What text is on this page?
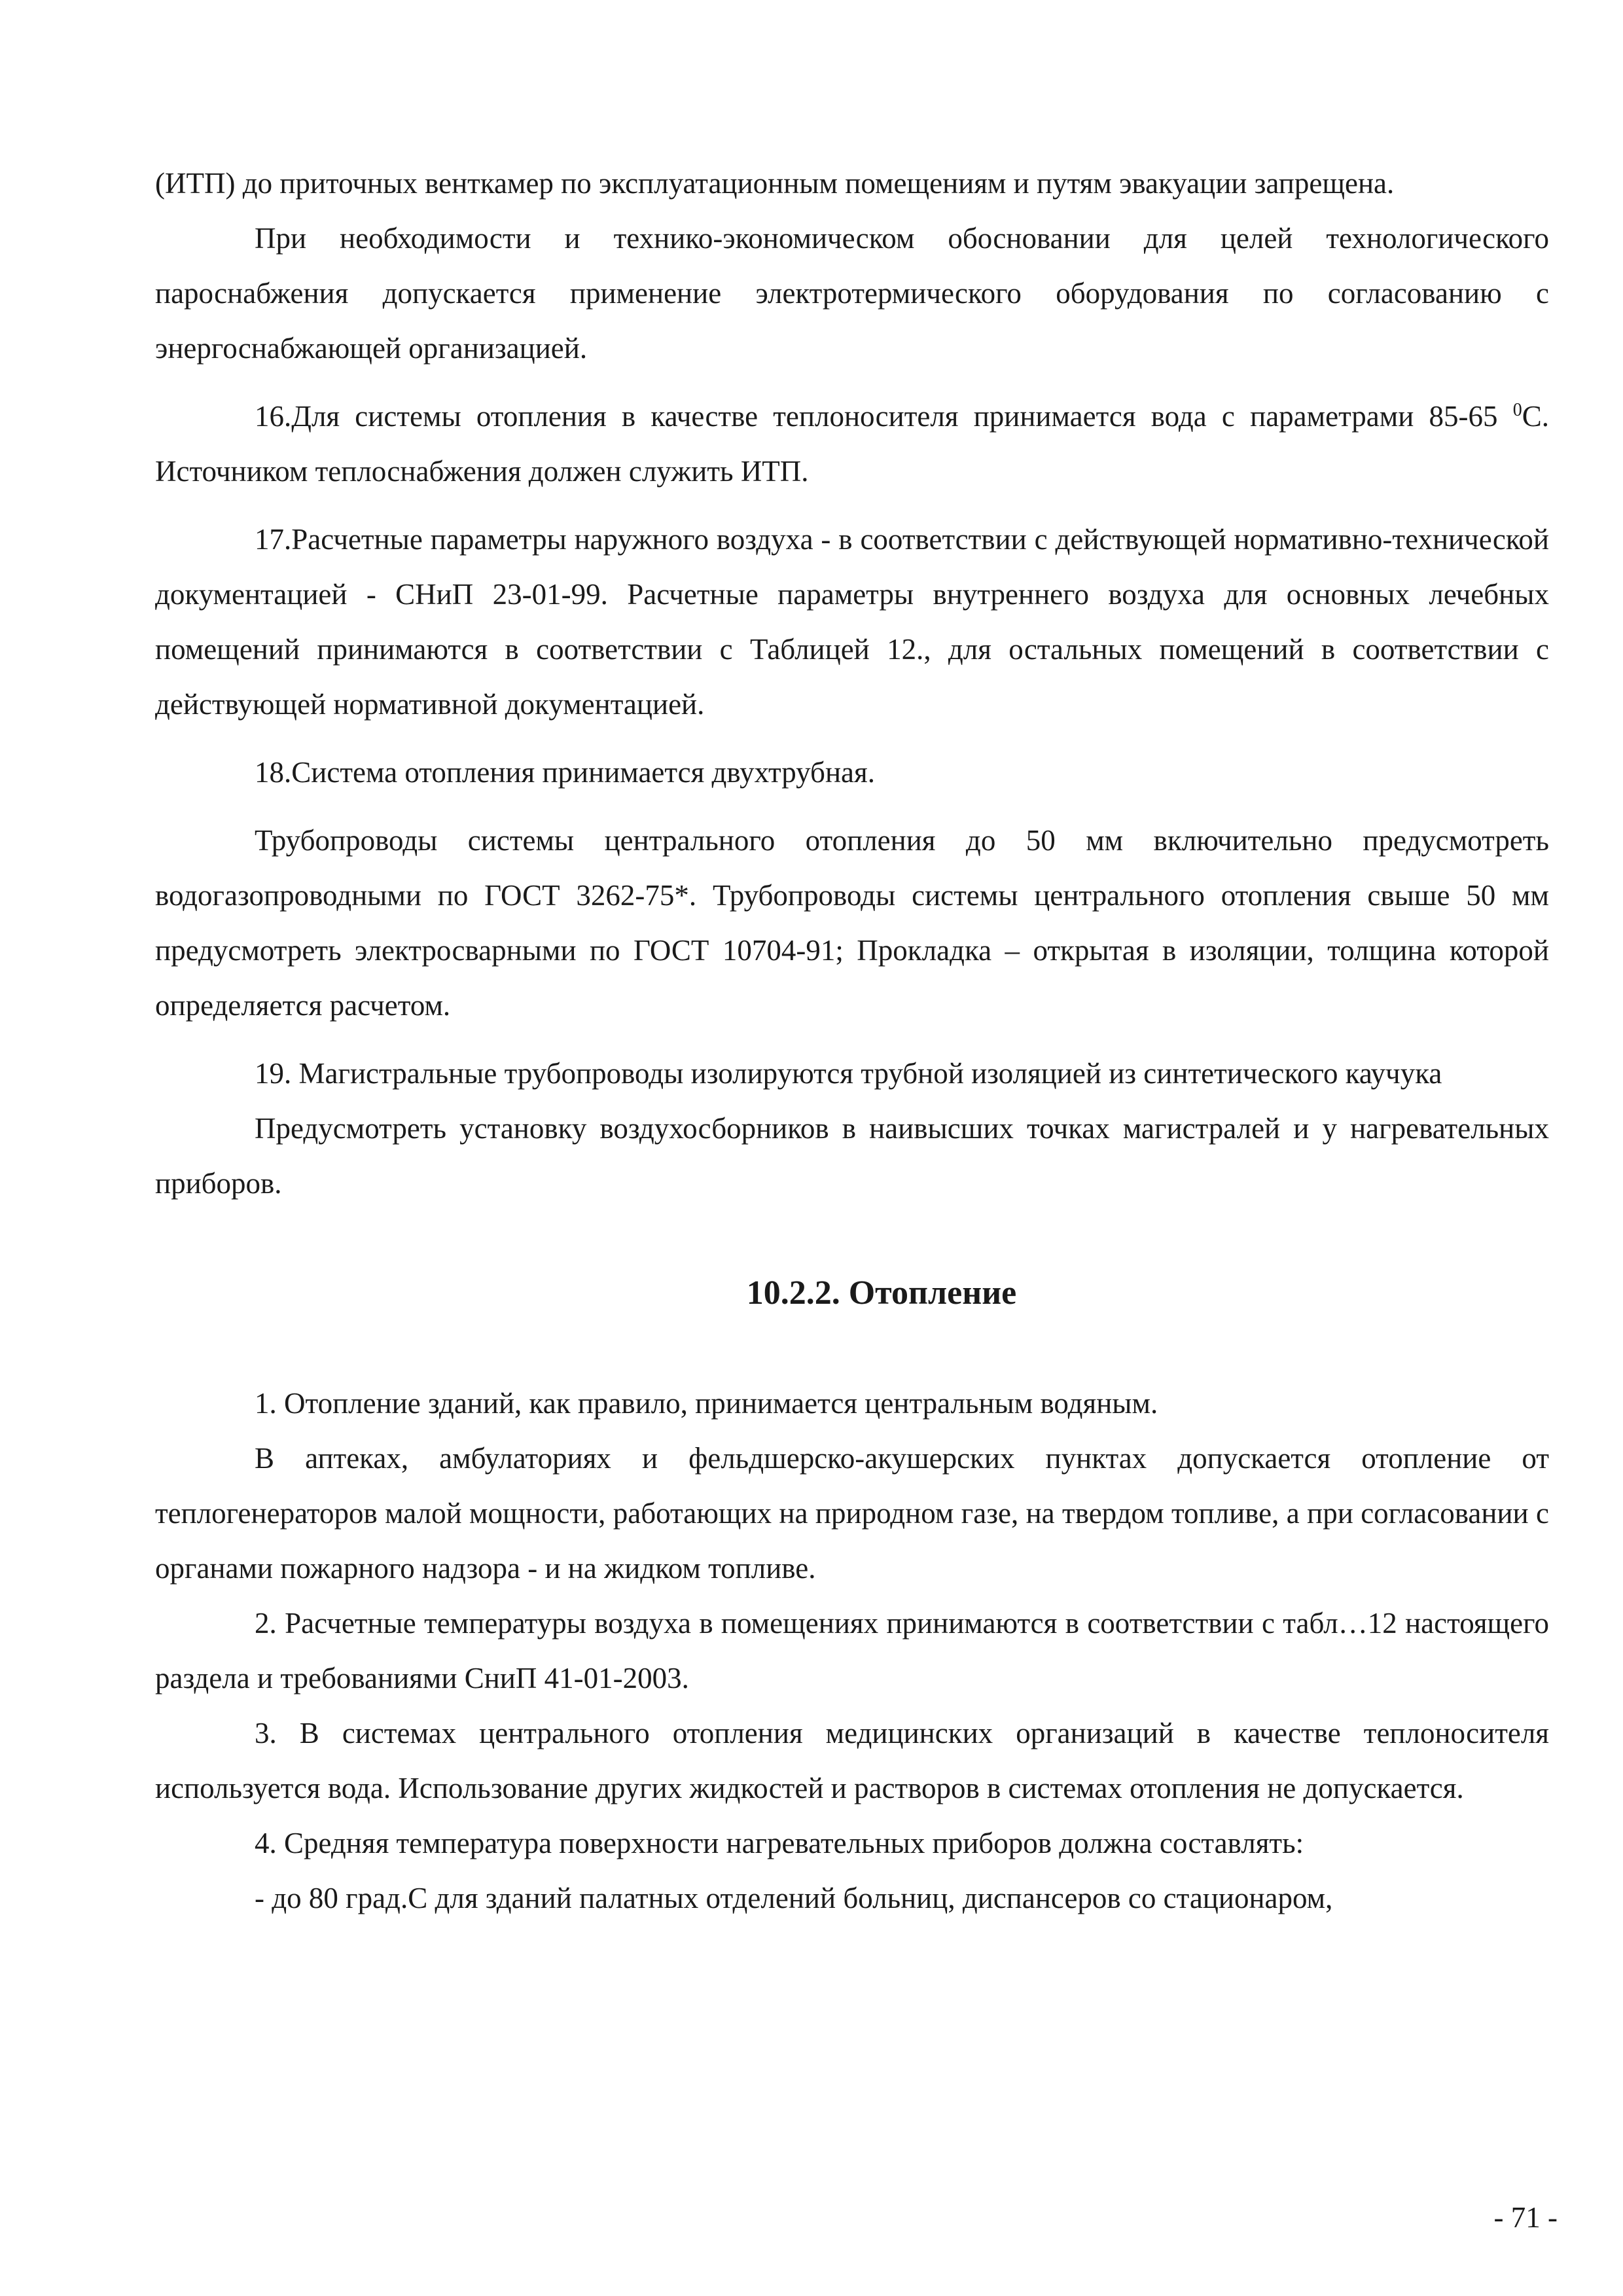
(ИТП) до приточных венткамер по эксплуатационным помещениям и путям эвакуации запрещена.

При необходимости и технико-экономическом обосновании для целей технологического пароснабжения допускается применение электротермического оборудования по согласованию с энергоснабжающей организацией.

16.Для системы отопления в качестве теплоносителя принимается вода с параметрами 85-65 $^0$С. Источником теплоснабжения должен служить ИТП.

17.Расчетные параметры наружного воздуха - в соответствии с действующей нормативно-технической документацией - СНиП 23-01-99. Расчетные параметры внутреннего воздуха для основных лечебных помещений принимаются в соответствии с Таблицей 12., для остальных помещений в соответствии с действующей нормативной документацией.

18.Система отопления принимается двухтрубная.

Трубопроводы системы центрального отопления до 50 мм включительно предусмотреть водогазопроводными по ГОСТ 3262-75*. Трубопроводы системы центрального отопления свыше 50 мм предусмотреть электросварными по ГОСТ 10704-91; Прокладка – открытая в изоляции, толщина которой определяется расчетом.

19. Магистральные трубопроводы изолируются трубной изоляцией из синтетического каучука

Предусмотреть установку воздухосборников в наивысших точках магистралей и у нагревательных приборов.

10.2.2. Отопление

1. Отопление зданий, как правило, принимается центральным водяным.

В аптеках, амбулаториях и фельдшерско-акушерских пунктах допускается отопление от теплогенераторов малой мощности, работающих на природном газе, на твердом топливе, а при согласовании с органами пожарного надзора - и на жидком топливе.

2. Расчетные температуры воздуха в помещениях принимаются в соответствии с табл…12 настоящего раздела и требованиями СниП 41-01-2003.

3. В системах центрального отопления медицинских организаций в качестве теплоносителя используется вода. Использование других жидкостей и растворов в системах отопления не допускается.

4. Средняя температура поверхности нагревательных приборов должна составлять:

- до 80 град.С для зданий палатных отделений больниц, диспансеров со стационаром,

- 71 -
